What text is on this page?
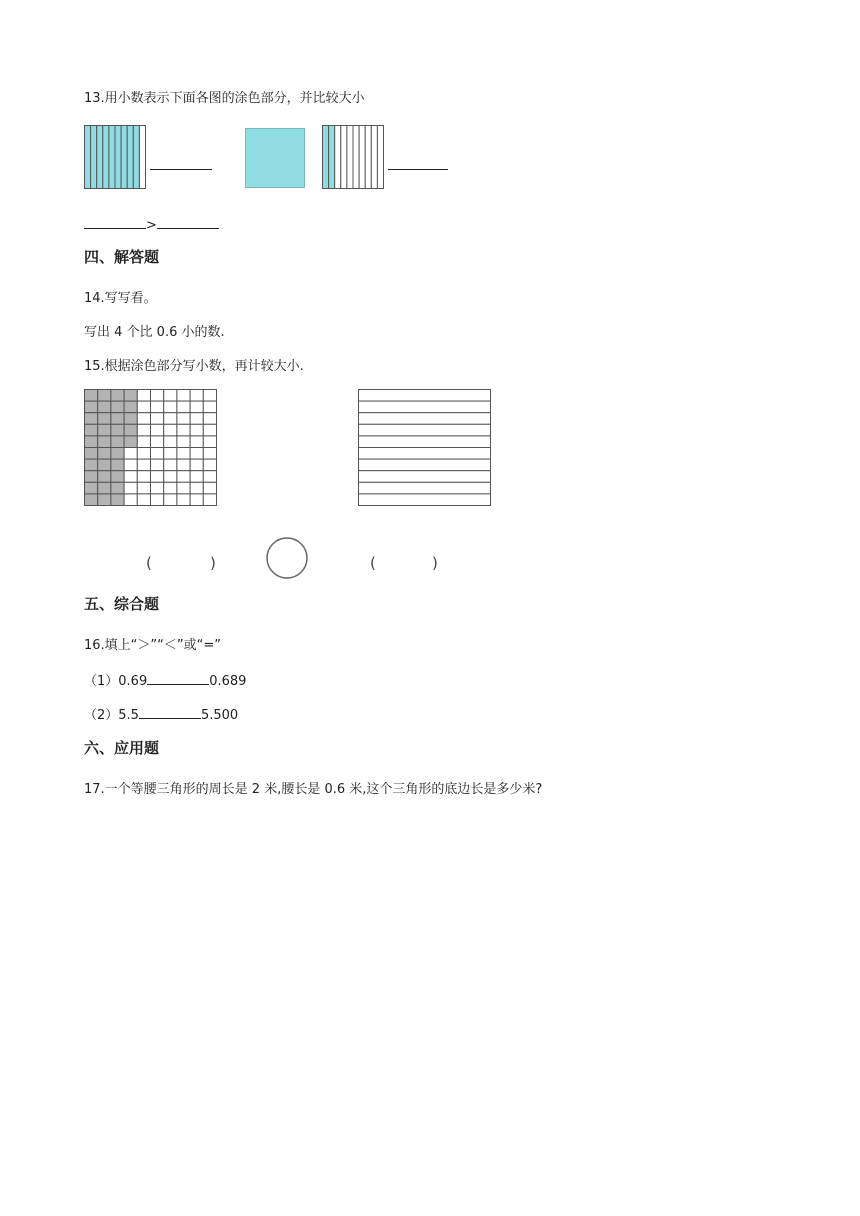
13.用小数表示下面各图的涂色部分，并比较大小
>
四、解答题
14.写写看。
写出 4 个比 0.6 小的数.
15.根据涂色部分写小数，再计较大小.
(	)	(	)
五、综合题
16.填上“＞”“＜”或“=”
（1）0.69	0.689
（2）5.5	5.500
六、应用题
17.一个等腰三角形的周长是 2 米,腰长是 0.6 米,这个三角形的底边长是多少米?
